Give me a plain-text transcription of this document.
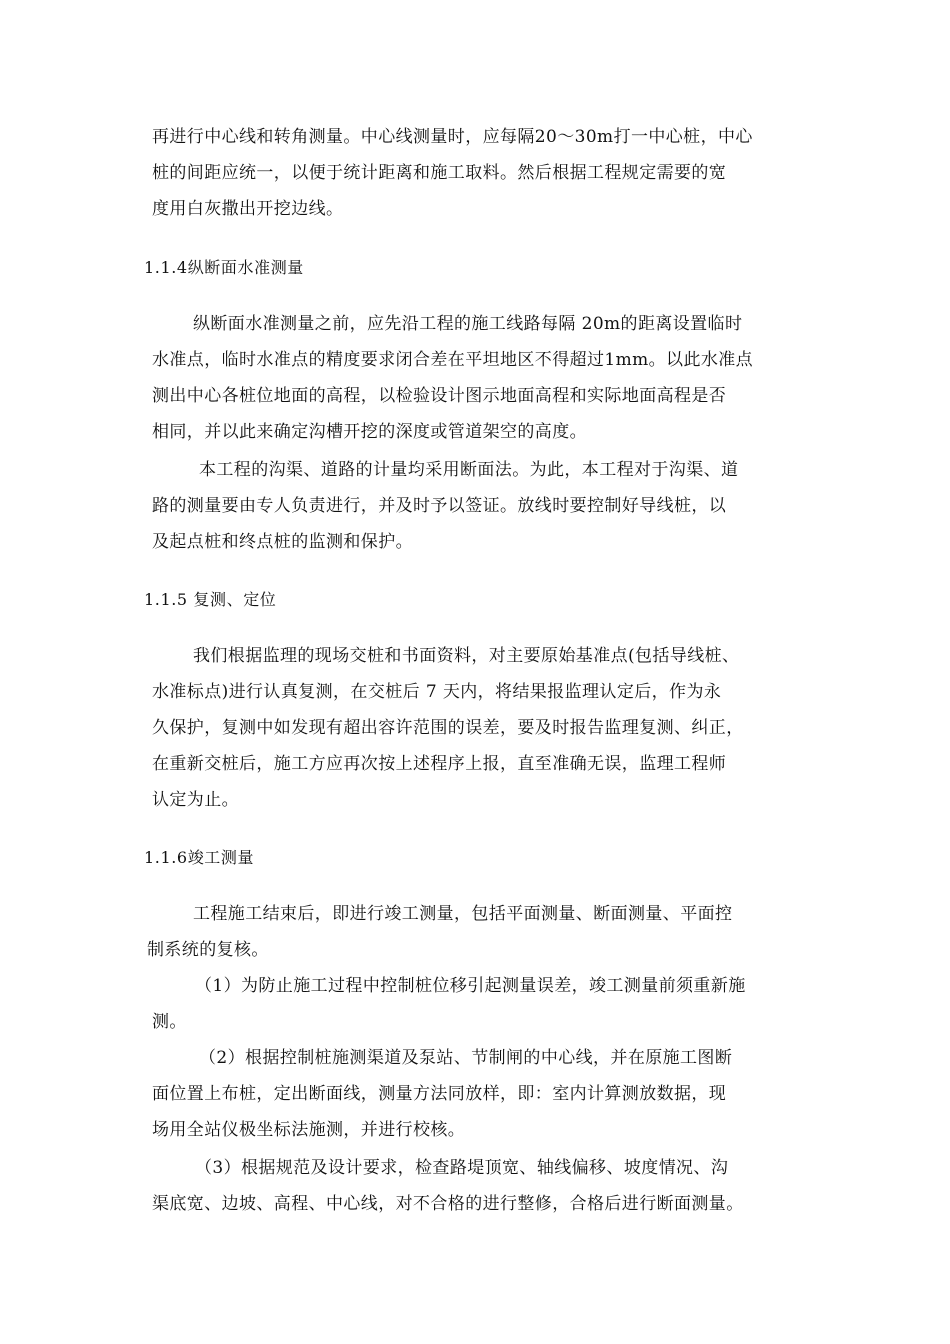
再进行中心线和转角测量。中心线测量时，应每隔20～30m打一中心桩，中心
桩的间距应统一，以便于统计距离和施工取料。然后根据工程规定需要的宽
度用白灰撒出开挖边线。
1.1.4纵断面水准测量
纵断面水准测量之前，应先沿工程的施工线路每隔 20m的距离设置临时
水准点，临时水准点的精度要求闭合差在平坦地区不得超过1mm。以此水准点
测出中心各桩位地面的高程，以检验设计图示地面高程和实际地面高程是否
相同，并以此来确定沟槽开挖的深度或管道架空的高度。
本工程的沟渠、道路的计量均采用断面法。为此，本工程对于沟渠、道
路的测量要由专人负责进行，并及时予以签证。放线时要控制好导线桩，以
及起点桩和终点桩的监测和保护。
1.1.5 复测、定位
我们根据监理的现场交桩和书面资料，对主要原始基准点(包括导线桩、
水准标点)进行认真复测，在交桩后 7 天内，将结果报监理认定后，作为永
久保护，复测中如发现有超出容许范围的误差，要及时报告监理复测、纠正，
在重新交桩后，施工方应再次按上述程序上报，直至准确无误，监理工程师
认定为止。
1.1.6竣工测量
工程施工结束后，即进行竣工测量，包括平面测量、断面测量、平面控
制系统的复核。
（1）为防止施工过程中控制桩位移引起测量误差，竣工测量前须重新施
测。
（2）根据控制桩施测渠道及泵站、节制闸的中心线，并在原施工图断
面位置上布桩，定出断面线，测量方法同放样，即：室内计算测放数据，现
场用全站仪极坐标法施测，并进行校核。
（3）根据规范及设计要求，检查路堤顶宽、轴线偏移、坡度情况、沟
渠底宽、边坡、高程、中心线，对不合格的进行整修，合格后进行断面测量。
